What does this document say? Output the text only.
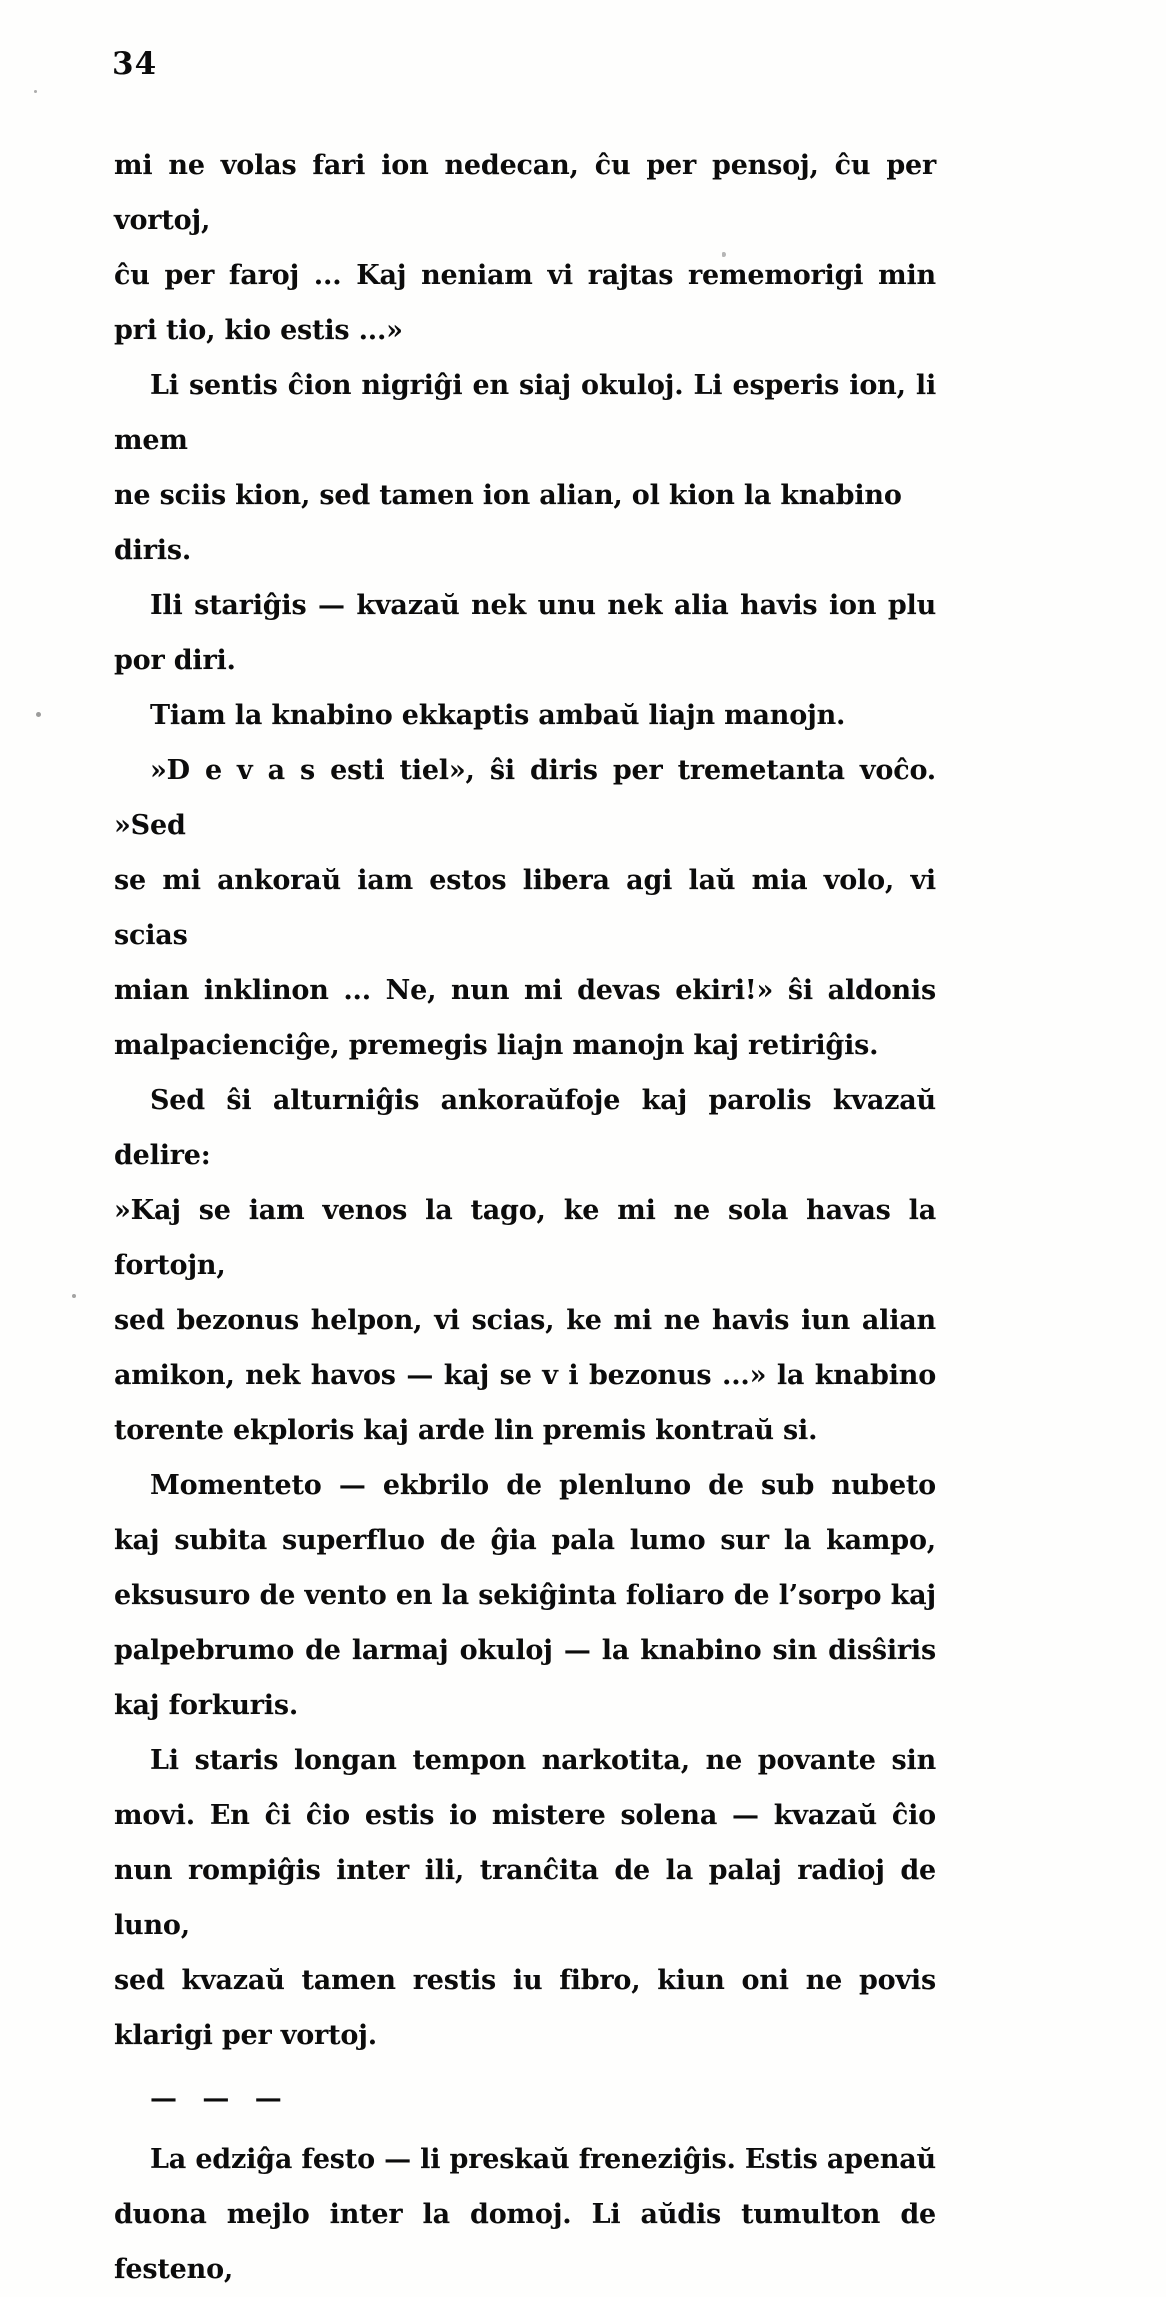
34
mi ne volas fari ion nedecan, ĉu per pensoj, ĉu per vortoj,
ĉu per faroj ... Kaj neniam vi rajtas rememorigi min
pri tio, kio estis ...»
Li sentis ĉion nigriĝi en siaj okuloj. Li esperis ion, li mem
ne sciis kion, sed tamen ion alian, ol kion la knabino diris.
Ili stariĝis — kvazaŭ nek unu nek alia havis ion plu
por diri.
Tiam la knabino ekkaptis ambaŭ liajn manojn.
»D e v a s esti tiel», ŝi diris per tremetanta voĉo. »Sed
se mi ankoraŭ iam estos libera agi laŭ mia volo, vi scias
mian inklinon ... Ne, nun mi devas ekiri!» ŝi aldonis
malpacienciĝe, premegis liajn manojn kaj retiriĝis.
Sed ŝi alturniĝis ankoraŭfoje kaj parolis kvazaŭ delire:
»Kaj se iam venos la tago, ke mi ne sola havas la fortojn,
sed bezonus helpon, vi scias, ke mi ne havis iun alian
amikon, nek havos — kaj se v i bezonus ...» la knabino
torente ekploris kaj arde lin premis kontraŭ si.
Momenteto — ekbrilo de plenluno de sub nubeto
kaj subita superfluo de ĝia pala lumo sur la kampo,
eksusuro de vento en la sekiĝinta foliaro de l’sorpo kaj
palpebrumo de larmaj okuloj — la knabino sin disŝiris
kaj forkuris.
Li staris longan tempon narkotita, ne povante sin
movi. En ĉi ĉio estis io mistere solena — kvazaŭ ĉio
nun rompiĝis inter ili, tranĉita de la palaj radioj de luno,
sed kvazaŭ tamen restis iu fibro, kiun oni ne povis
klarigi per vortoj.
— — —
La edziĝa festo — li preskaŭ freneziĝis. Estis apenaŭ
duona mejlo inter la domoj. Li aŭdis tumulton de festeno,
